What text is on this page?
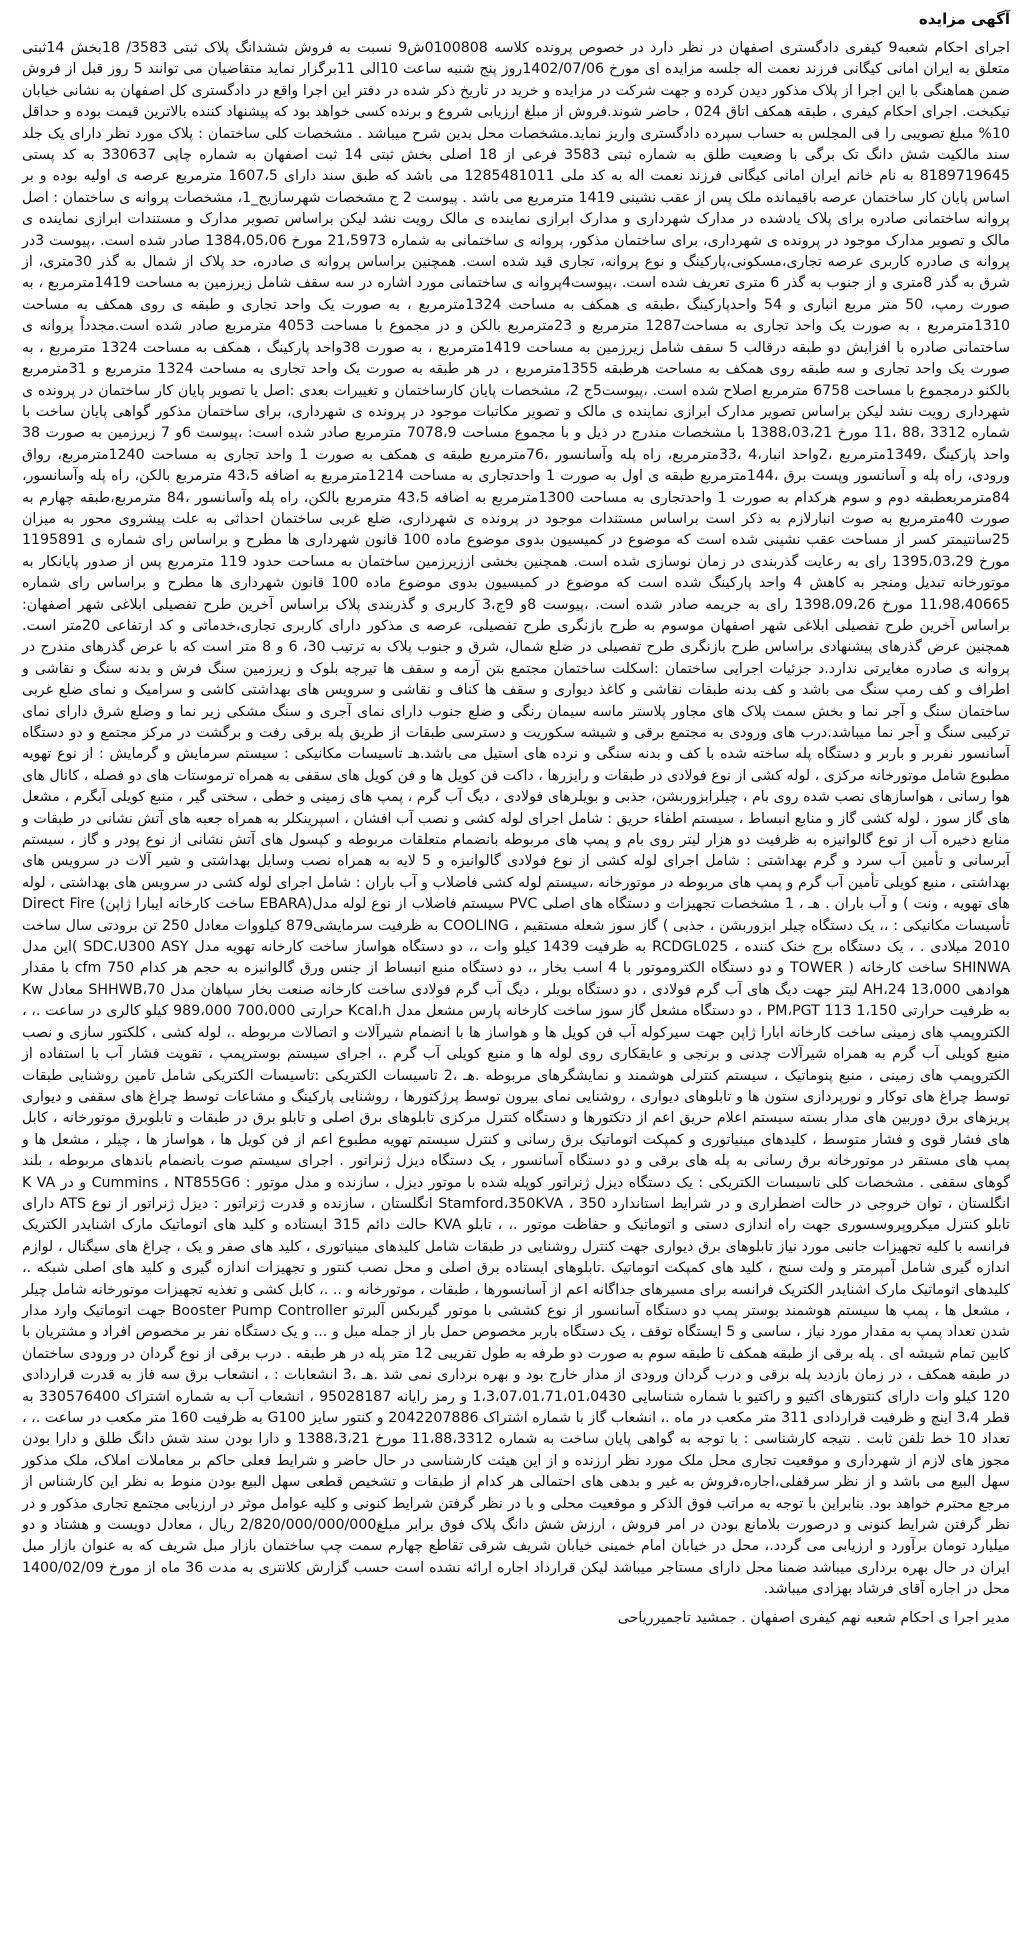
آگهی مزایده

اجرای احکام شعبه9 کیفری دادگستری اصفهان در نظر دارد در خصوص پرونده کلاسه 0100808ش9 نسبت به فروش ششدانگ پلاک ثبتی 3583/ 18بخش 14ثبتی متعلق به ایران امانی کیگانی فرزند نعمت اله جلسه مزایده ای مورخ 1402/07/06روز پنج شنبه ساعت 10الی 11برگزار نماید متقاضیان می توانند 5 روز قبل از فروش ضمن هماهنگی با این اجرا از پلاک مذکور دیدن کرده و جهت شرکت در مزایده و خرید در تاریخ ذکر شده در دفتر این اجرا واقع در دادگستری کل اصفهان به نشانی خیابان نیکبخت. اجرای احکام کیفری ، طبقه همکف اتاق 024 ، حاضر شوند.فروش از مبلغ ارزیابی شروع و برنده کسی خواهد بود که پیشنهاد کننده بالاترین قیمت بوده و حداقل 10% مبلغ تصویبی را فی المجلس به حساب سپرده دادگستری واریز نماید.مشخصات محل بدین شرح میباشد . مشخصات کلی ساختمان : پلاک مورد نظر دارای یک جلد سند مالکیت شش دانگ تک برگی با وضعیت طلق به شماره ثبتی 3583 فرعی از 18 اصلی بخش ثبتی 14 ثبت اصفهان به شماره چاپی 330637 به کد پستی 8189719645 به نام خانم ایران امانی کیگانی فرزند نعمت اله به کد ملی 1285481011 می باشد که طبق سند دارای 1607،5 مترمربع عرصه ی اولیه بوده و بر اساس پایان کار ساختمان عرصه باقیمانده ملک پس از عقب نشینی 1419 مترمربع می باشد . پیوست 2 ج مشخصات شهرسازیج_1، مشخصات پروانه ی ساختمان : اصل پروانه ساختمانی صادره برای پلاک یادشده در مدارک شهرداری و مدارک ابرازی نماینده ی مالک رویت نشد لیکن براساس تصویر مدارک و مستندات ابرازی نماینده ی مالک و تصویر مدارک موجود در پرونده ی شهرداری، برای ساختمان مذکور، پروانه ی ساختمانی به شماره 21،5973 مورخ 1384،05،06 صادر شده است. ،پیوست 3در پروانه ی صادره کاربری عرصه تجاری،مسکونی،پارکینگ و نوع پروانه، تجاری قید شده است. همچنین براساس پروانه ی صادره، حد پلاک از شمال به گذر 30متری، از شرق به گذر 8متری و از جنوب به گذر 6 متری تعریف شده است. ،پیوست4پروانه ی ساختمانی مورد اشاره در سه سقف شامل زیرزمین به مساحت 1419مترمربع ، به صورت رمپ، 50 متر مربع انباری و 54 واحدپارکینگ ،طبقه ی همکف به مساحت 1324مترمربع ، به صورت یک واحد تجاری و طبقه ی روی همکف به مساحت 1310مترمربع ، به صورت یک واحد تجاری به مساحت1287 مترمربع و 23مترمربع بالکن و در مجموع با مساحت 4053 مترمربع صادر شده است.مجدداً پروانه ی ساختمانی صادره با افزایش دو طبقه درقالب 5 سقف شامل زیرزمین به مساحت 1419مترمربع ، به صورت 38واحد پارکینگ ، همکف به مساحت 1324 مترمربع ، به صورت یک واحد تجاری و سه طبقه روی همکف به مساحت هرطبقه 1355مترمربع ، در هر طبقه به صورت یک واحد تجاری به مساحت 1324 مترمربع و 31مترمربع بالکنو درمجموع با مساحت 6758 مترمربع اصلاح شده است. ،پیوست5ج 2، مشخصات پایان کارساختمان و تغییرات بعدی :اصل یا تصویر پایان کار ساختمان در پرونده ی شهرداری رویت نشد لیکن براساس تصویر مدارک ابرازی نماینده ی مالک و تصویر مکاتبات موجود در پرونده ی شهرداری، برای ساختمان مذکور گواهی پایان ساخت با شماره 3312 ،88 ،11 مورخ 1388،03،21 با مشخصات مندرج در ذیل و با مجموع مساحت 7078،9 مترمربع صادر شده است: ،پیوست 6و 7 زیرزمین به صورت 38 واحد پارکینگ ،1349مترمربع ،2واحد انبار،4 ،33مترمربع، راه پله وآسانسور ،76مترمربع طبقه ی همکف به صورت 1 واحد تجاری به مساحت 1240مترمربع، رواق ورودی، راه پله و آسانسور وپست برق ،144مترمربع طبقه ی اول به صورت 1 واحدتجاری به مساحت 1214مترمربع به اضافه 43،5 مترمربع بالکن، راه پله وآسانسور، 84مترمربعطبقه دوم و سوم هرکدام به صورت 1 واحدتجاری به مساحت 1300مترمربع به اضافه 43،5 مترمربع بالکن، راه پله وآسانسور ،84 مترمربع،طبقه چهارم به صورت 40مترمربع به صوت انبارلازم به ذکر است براساس مستندات موجود در پرونده ی شهرداری، ضلع غربی ساختمان احداثی به علت پیشروی محور به میزان 25سانتیمتر کسر از مساحت عقب نشینی شده است که موضوع در کمیسیون بدوی موضوع ماده 100 قانون شهرداری ها مطرح و براساس رای شماره ی 1195891 مورخ 1395،03،29 رای به رعایت گذربندی در زمان نوسازی شده است. همچنین بخشی اززیرزمین ساختمان به مساحت حدود 119 مترمربع پس از صدور پایانکار به موتورخانه تبدیل ومنجر به کاهش 4 واحد پارکینگ شده است که موضوع در کمیسیون بدوی موضوع ماده 100 قانون شهرداری ها مطرح و براساس رای شماره 11،98،40665 مورخ 1398،09،26 رای به جریمه صادر شده است. ،پیوست 8و 9ج،3 کاربری و گذربندی پلاک براساس آخرین طرح تفصیلی ابلاغی شهر اصفهان: براساس آخرین طرح تفصیلی ابلاغی شهر اصفهان موسوم به طرح بازنگری طرح تفصیلی، عرصه ی مذکور دارای کاربری تجاری،خدماتی و کد ارتفاعی 20متر است. همچنین عرض گذرهای پیشنهادی براساس طرح بازنگری طرح تفصیلی در ضلع شمال، شرق و جنوب پلاک به ترتیب 30، 6 و 8 متر است که با عرض گذرهای مندرج در پروانه ی صادره مغایرتی ندارد.د جزئیات اجرایی ساختمان :اسکلت ساختمان مجتمع بتن آرمه و سقف ها تیرچه بلوک و زیرزمین سنگ فرش و بدنه سنگ و نقاشی و اطراف و کف رمپ سنگ می باشد و کف بدنه طبقات نقاشی و کاغذ دیواری و سقف ها کناف و نقاشی و سرویس های بهداشتی کاشی و سرامیک و نمای ضلع غربی ساختمان سنگ و آجر نما و بخش سمت پلاک های مجاور پلاستر ماسه سیمان رنگی و ضلع جنوب دارای نمای آجری و سنگ مشکی زیر نما و وضلع شرق دارای نمای ترکیبی سنگ و آجر نما میباشد.درب های ورودی به مجتمع برقی و شیشه سکوریت و دسترسی طبقات از طریق پله برقی رفت و برگشت در مرکز مجتمع و دو دستگاه آسانسور نفربر و باربر و دستگاه پله ساخته شده با کف و بدنه سنگی و نرده های استیل می باشد.هـ تاسیسات مکانیکی : سیستم سرمایش و گرمایش : از نوع تهویه مطبوع شامل موتورخانه مرکزی ، لوله کشی از نوع فولادی در طبقات و رایزرها ، داکت فن کویل ها و فن کویل های سقفی به همراه ترموستات های دو فصله ، کانال های هوا رسانی ، هواسازهای نصب شده روی بام ، چیلرابزوربشن، جذبی و بویلرهای فولادی ، دیگ آب گرم ، پمپ های زمینی و خطی ، سختی گیر ، منبع کویلی آبگرم ، مشعل های گاز سوز ، لوله کشی گاز و منابع انبساط ، سیستم اطفاء حریق : شامل اجرای لوله کشی و نصب آب افشان ، اسپرینکلر به همراه جعبه های آتش نشانی در طبقات و منابع ذخیره آب از نوع گالوانیزه به ظرفیت دو هزار لیتر روی بام و پمپ های مربوطه بانضمام متعلقات مربوطه و کپسول های آتش نشانی از نوع پودر و گاز ، سیستم آبرسانی و تأمین آب سرد و گرم بهداشتی : شامل اجرای لوله کشی از نوع فولادی گالوانیزه و 5 لایه به همراه نصب وسایل بهداشتی و شیر آلات در سرویس های بهداشتی ، منبع کویلی تأمین آب گرم و پمپ های مربوطه در موتورخانه ،سیستم لوله کشی فاضلاب و آب باران : شامل اجرای لوله کشی در سرویس های بهداشتی ، لوله های تهویه ، ونت ) و آب باران . هـ ، 1 مشخصات تجهیزات و دستگاه های اصلی PVC سیستم فاضلاب از نوع لوله مدل(EBARA ساخت کارخانه ایبارا ژاپن) Direct Fire تأسیسات مکانیکی : ،، یک دستگاه چیلر ابزوربشن ، جذبی ) گاز سوز شعله مستقیم ، COOLING به ظرفیت سرمایشی879 کیلووات معادل 250 تن برودتی سال ساخت 2010 میلادی . ، یک دستگاه برج خنک کننده ، RCDGL025 به ظرفیت 1439 کیلو وات ،، دو دستگاه هواساز ساخت کارخانه تهویه مدل SDC،U300 ASY )این مدل SHINWA ساخت کارخانه ( TOWER و دو دستگاه الکتروموتور با 4 اسب بخار ،، دو دستگاه منبع انبساط از جنس ورق گالوانیزه به حجم هر کدام 750 cfm با مقدار هوادهی 13،000 AH،24 لیتر جهت دیگ های آب گرم فولادی ، دو دستگاه بویلر ، دیگ آب گرم فولادی ساخت کارخانه صنعت بخار سپاهان مدل SHHWB،70 معادل Kw به ظرفیت حرارتی 1،150 113 PM،PGT ، دو دستگاه مشعل گاز سوز ساخت کارخانه پارس مشعل مدل Kcal،h حرارتی 700،000 989،000 کیلو کالری در ساعت .، ، الکتروپمپ های زمینی ساخت کارخانه ابارا ژاپن جهت سیرکوله آب فن کویل ها و هواساز ها با انضمام شیرآلات و اتصالات مربوطه .، لوله کشی ، کلکتور سازی و نصب منبع کویلی آب گرم به همراه شیرآلات چدنی و برنجی و عایقکاری روی لوله ها و منبع کویلی آب گرم .، اجرای سیستم بوسترپمپ ، تقویت فشار آب با استفاده از الکتروپمپ های زمینی ، منبع پنوماتیک ، سیستم کنترلی هوشمند و نمایشگرهای مربوطه .هـ ،2 تاسیسات الکتریکی :تاسیسات الکتریکی شامل تامین روشنایی طبقات توسط چراغ های توکار و نورپردازی ستون ها و تابلوهای دیواری ، روشنایی نمای بیرون توسط پرژکتورها ، روشنایی پارکینگ و مشاعات توسط چراغ های سقفی و دیواری پریزهای برق دوربین های مدار بسته سیستم اعلام حریق اعم از دتکتورها و دستگاه کنترل مرکزی تابلوهای برق اصلی و تابلو برق در طبقات و تابلوبرق موتورخانه ، کابل های فشار قوی و فشار متوسط ، کلیدهای مینیاتوری و کمپکت اتوماتیک برق رسانی و کنترل سیستم تهویه مطبوع اعم از فن کویل ها ، هواساز ها ، چیلر ، مشعل ها و پمپ های مستقر در موتورخانه برق رسانی به پله های برقی و دو دستگاه آسانسور ، یک دستگاه دیزل ژنراتور . اجرای سیستم صوت بانضمام باندهای مربوطه ، بلند گوهای سقفی . مشخصات کلی تاسیسات الکتریکی : یک دستگاه دیزل ژنراتور کوپله شده با موتور دیزل ، سازنده و مدل موتور : Cummins ، NT855G6 و در K VA انگلستان ، توان خروجی در حالت اضطراری و در شرایط استاندارد 350 ، Stamford،350KVA انگلستان ، سازنده و قدرت ژنراتور : دیزل ژنراتور از نوع ATS دارای تابلو کنترل میکروپروسسوری جهت راه اندازی دستی و اتوماتیک و حفاظت موتور .، ، تابلو KVA حالت دائم 315 ایستاده و کلید های اتوماتیک مارک اشنایدر الکتریک فرانسه با کلیه تجهیزات جانبی مورد نیاز تابلوهای برق دیواری جهت کنترل روشنایی در طبقات شامل کلیدهای مینیاتوری ، کلید های صفر و یک ، چراغ های سیگنال ، لوازم اندازه گیری شامل آمپرمتر و ولت سنج ، کلید های کمپکت اتوماتیک .تابلوهای ایستاده برق اصلی و محل نصب کنتور و تجهیزات اندازه گیری و کلید های اصلی شبکه .، کلیدهای اتوماتیک مارک اشنایدر الکتریک فرانسه برای مسیرهای جداگانه اعم از آسانسورها ، طبقات ، موتورخانه و .. .، کابل کشی و تغذیه تجهیزات موتورخانه شامل چیلر ، مشعل ها ، پمپ ها سیستم هوشمند بوستر پمپ دو دستگاه آسانسور از نوع کششی با موتور گیربکس آلبرتو Booster Pump Controller جهت اتوماتیک وارد مدار شدن تعداد پمپ به مقدار مورد نیاز ، ساسی و 5 ایستگاه توقف ، یک دستگاه باربر مخصوص حمل بار از جمله مبل و ... و یک دستگاه نفر بر مخصوص افراد و مشتریان با کابین تمام شیشه ای . پله برقی از طبقه همکف تا طبقه سوم به صورت دو طرفه به طول تقریبی 12 متر پله در هر طبقه . درب برقی از نوع گردان در ورودی ساختمان در طبقه همکف ، در زمان بازدید پله برقی و درب گردان ورودی از مدار خارج بود و بهره برداری نمی شد .هـ ،3 انشعابات : ، انشعاب برق سه فاز به قدرت قراردادی 120 کیلو وات دارای کنتورهای اکتیو و راکتیو با شماره شناسایی 1،3،07،01،71،01،0430 و رمز رایانه 95028187 ، انشعاب آب به شماره اشتراک 330576400 به قطر 3،4 اینچ و ظرفیت قراردادی 311 متر مکعب در ماه .، انشعاب گاز با شماره اشتراک 2042207886 و کنتور سایز G100 به ظرفیت 160 متر مکعب در ساعت .، ، تعداد 10 خط تلفن ثابت . نتیجه کارشناسی : با توجه به گواهی پایان ساخت به شماره 11،88،3312 مورخ 1388،3،21 و دارا بودن سند شش دانگ طلق و دارا بودن مجوز های لازم از شهرداری و موقعیت تجاری محل ملک مورد نظر ارزنده و از این هیئت کارشناسی در حال حاضر و شرایط فعلی حاکم بر معاملات املاک، ملک مذکور سهل البیع می باشد و از نظر سرقفلی،اجاره،فروش به غیر و بدهی های احتمالی هر کدام از طبقات و تشخیص قطعی سهل البیع بودن منوط به نظر این کارشناس از مرجع محترم خواهد بود. بنابراین با توجه به مراتب فوق الذکر و موقعیت محلی و با در نظر گرفتن شرایط کنونی و کلیه عوامل موثر در ارزیابی مجتمع تجاری مذکور و در نظر گرفتن شرایط کنونی و درصورت بلامانع بودن در امر فروش ، ارزش شش دانگ پلاک فوق برابر مبلغ2/820/000/000/000 ریال ، معادل دویست و هشتاد و دو میلیارد تومان برآورد و ارزیابی می گردد.، محل در خیابان امام خمینی خیابان شریف شرقی تقاطع چهارم سمت چپ ساختمان بازار مبل شریف که به عنوان بازار مبل ایران در حال بهره برداری میباشد ضمنا محل دارای مستاجر میباشد لیکن قرارداد اجاره ارائه نشده است حسب گزارش کلانتری به مدت 36 ماه از مورخ 1400/02/09 محل در اجاره آقای فرشاد بهزادی میباشد.

مدیر اجرا ی احکام شعبه نهم کیفری اصفهان . جمشید تاجمیرریاحی
